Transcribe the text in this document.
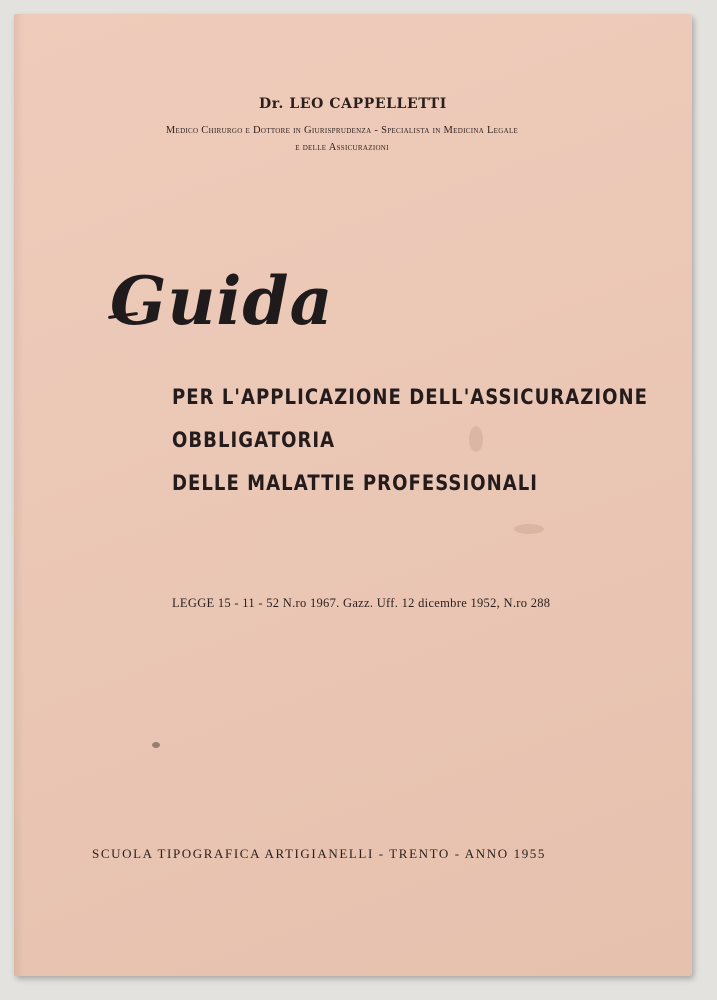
Dr. LEO CAPPELLETTI
Medico Chirurgo e Dottore in Giurisprudenza - Specialista in Medicina Legale
e delle Assicurazioni
Guida
PER L'APPLICAZIONE DELL'ASSICURAZIONE
OBBLIGATORIA
DELLE MALATTIE PROFESSIONALI
LEGGE 15 - 11 - 52 N.ro 1967. Gazz. Uff. 12 dicembre 1952, N.ro 288
SCUOLA TIPOGRAFICA ARTIGIANELLI - TRENTO - ANNO 1955
